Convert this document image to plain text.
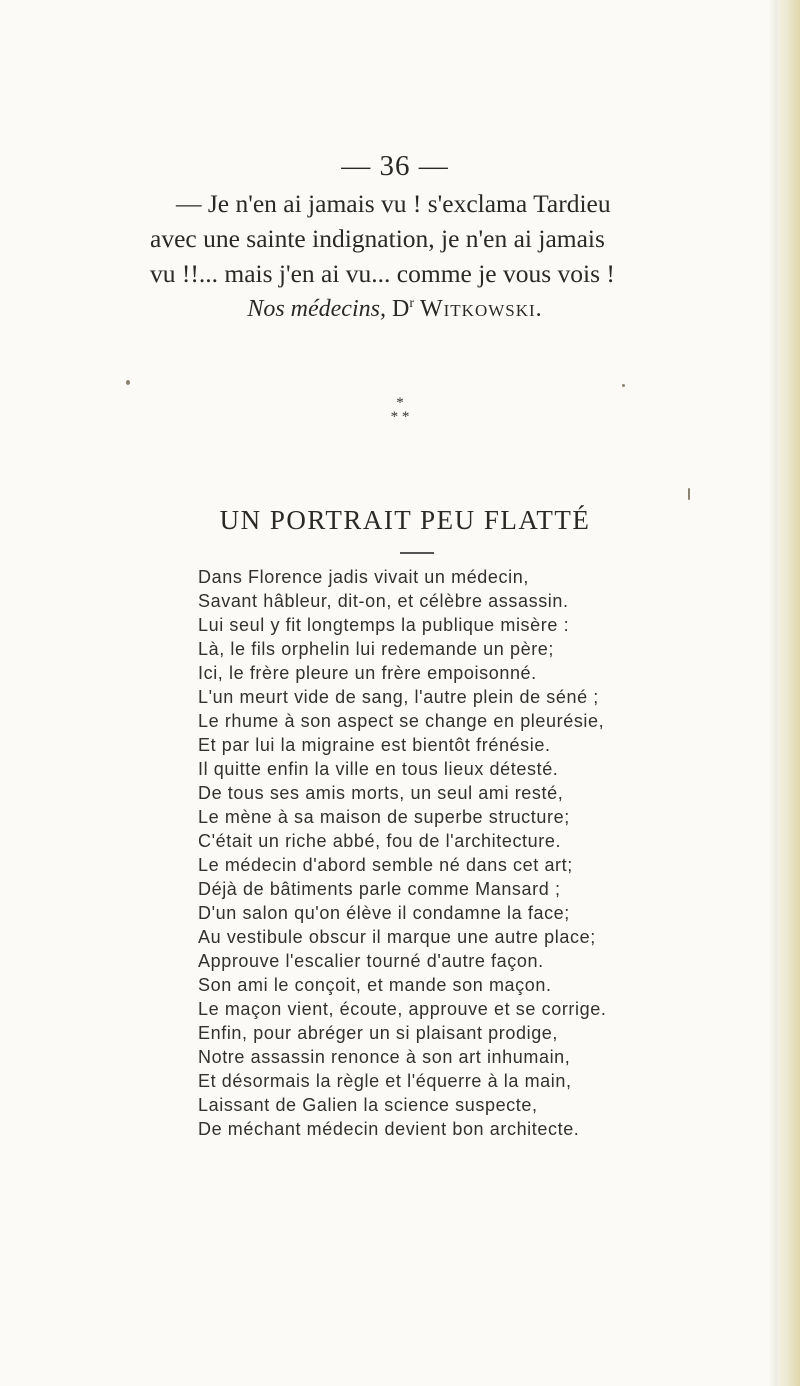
— 36 —
— Je n'en ai jamais vu ! s'exclama Tardieu
avec une sainte indignation, je n'en ai jamais
vu !!... mais j'en ai vu... comme je vous vois !
Nos médecins, $D^r$ Witkowski.
*
* *
UN PORTRAIT PEU FLATTÉ
Dans Florence jadis vivait un médecin,
Savant hâbleur, dit-on, et célèbre assassin.
Lui seul y fit longtemps la publique misère :
Là, le fils orphelin lui redemande un père;
Ici, le frère pleure un frère empoisonné.
L'un meurt vide de sang, l'autre plein de séné ;
Le rhume à son aspect se change en pleurésie,
Et par lui la migraine est bientôt frénésie.
Il quitte enfin la ville en tous lieux détesté.
De tous ses amis morts, un seul ami resté,
Le mène à sa maison de superbe structure;
C'était un riche abbé, fou de l'architecture.
Le médecin d'abord semble né dans cet art;
Déjà de bâtiments parle comme Mansard ;
D'un salon qu'on élève il condamne la face;
Au vestibule obscur il marque une autre place;
Approuve l'escalier tourné d'autre façon.
Son ami le conçoit, et mande son maçon.
Le maçon vient, écoute, approuve et se corrige.
Enfin, pour abréger un si plaisant prodige,
Notre assassin renonce à son art inhumain,
Et désormais la règle et l'équerre à la main,
Laissant de Galien la science suspecte,
De méchant médecin devient bon architecte.
